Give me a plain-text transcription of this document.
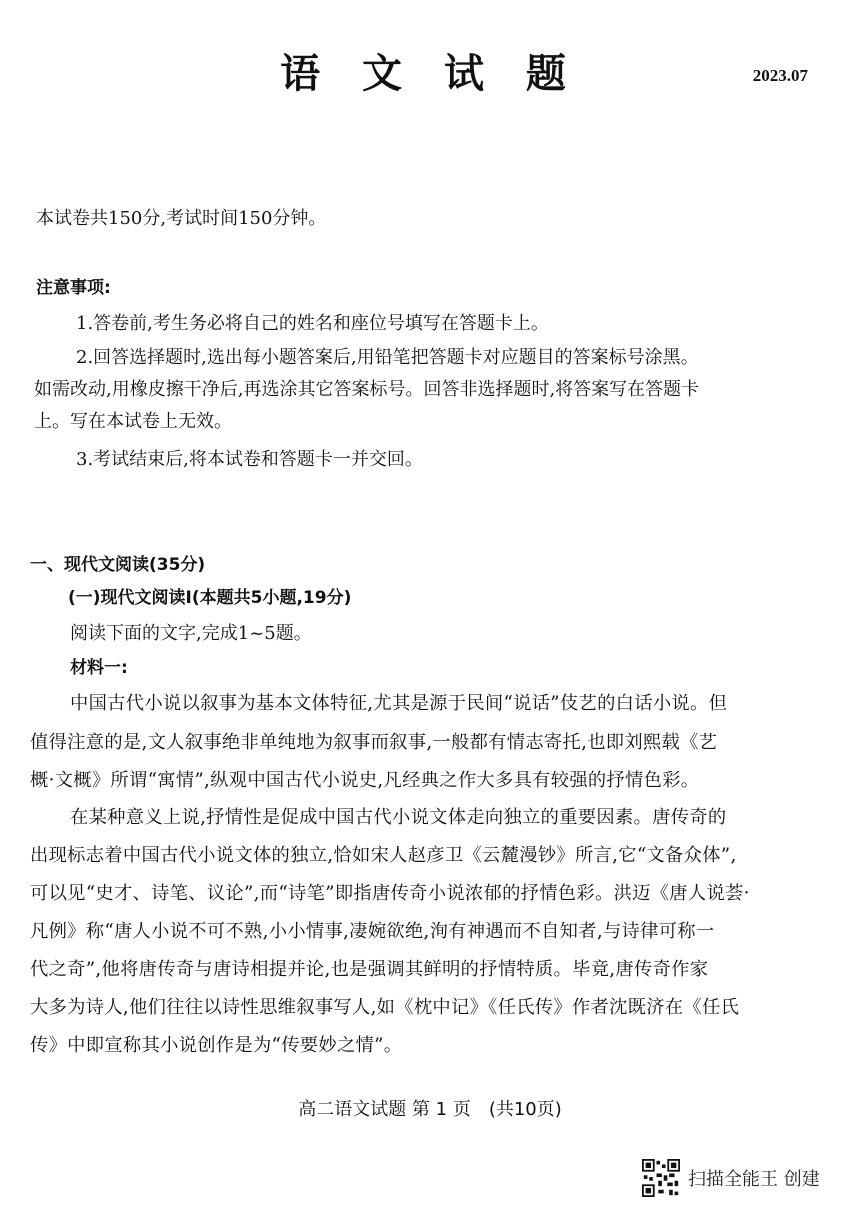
语 文 试 题	2023.07
本试卷共150分,考试时间150分钟。
注意事项:
1.答卷前,考生务必将自己的姓名和座位号填写在答题卡上。
2.回答选择题时,选出每小题答案后,用铅笔把答题卡对应题目的答案标号涂黑。
如需改动,用橡皮擦干净后,再选涂其它答案标号。回答非选择题时,将答案写在答题卡
上。写在本试卷上无效。
3.考试结束后,将本试卷和答题卡一并交回。
一、现代文阅读(35分)
(一)现代文阅读I(本题共5小题,19分)
阅读下面的文字,完成1~5题。
材料一:
中国古代小说以叙事为基本文体特征,尤其是源于民间“说话”伎艺的白话小说。但
值得注意的是,文人叙事绝非单纯地为叙事而叙事,一般都有情志寄托,也即刘熙载《艺
概·文概》所谓“寓情”,纵观中国古代小说史,凡经典之作大多具有较强的抒情色彩。
在某种意义上说,抒情性是促成中国古代小说文体走向独立的重要因素。唐传奇的
出现标志着中国古代小说文体的独立,恰如宋人赵彦卫《云麓漫钞》所言,它“文备众体”,
可以见“史才、诗笔、议论”,而“诗笔”即指唐传奇小说浓郁的抒情色彩。洪迈《唐人说荟·
凡例》称“唐人小说不可不熟,小小情事,凄婉欲绝,洵有神遇而不自知者,与诗律可称一
代之奇”,他将唐传奇与唐诗相提并论,也是强调其鲜明的抒情特质。毕竟,唐传奇作家
大多为诗人,他们往往以诗性思维叙事写人,如《枕中记》《任氏传》作者沈既济在《任氏
传》中即宣称其小说创作是为“传要妙之情”。
高二语文试题 第 1 页　(共10页)
扫描全能王 创建
